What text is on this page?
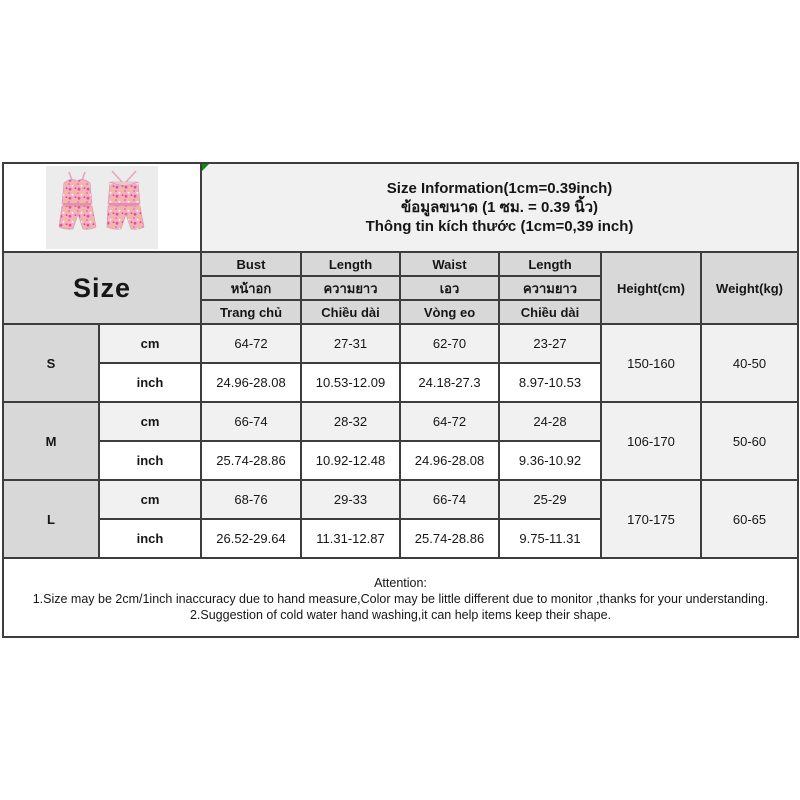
Size Information(1cm=0.39inch)
ข้อมูลขนาด (1 ซม. = 0.39 นิ้ว)
Thông tin kích thước (1cm=0,39 inch)					

Size		Bust	Length	Waist	Length	Height(cm)	Weight(kg)
		หน้าอก	ความยาว	เอว	ความยาว		
		Trang chủ	Chiều dài	Vòng eo	Chiều dài		
S	cm	64-72	27-31	62-70	23-27	150-160	40-50
	inch	24.96-28.08	10.53-12.09	24.18-27.3	8.97-10.53		
M	cm	66-74	28-32	64-72	24-28	106-170	50-60
	inch	25.74-28.86	10.92-12.48	24.96-28.08	9.36-10.92		
L	cm	68-76	29-33	66-74	25-29	170-175	60-65
	inch	26.52-29.64	11.31-12.87	25.74-28.86	9.75-11.31		

Attention:
1.Size may be 2cm/1inch inaccuracy due to hand measure,Color may be little different due to monitor ,thanks for your understanding.
2.Suggestion of cold water hand washing,it can help items keep their shape.							
